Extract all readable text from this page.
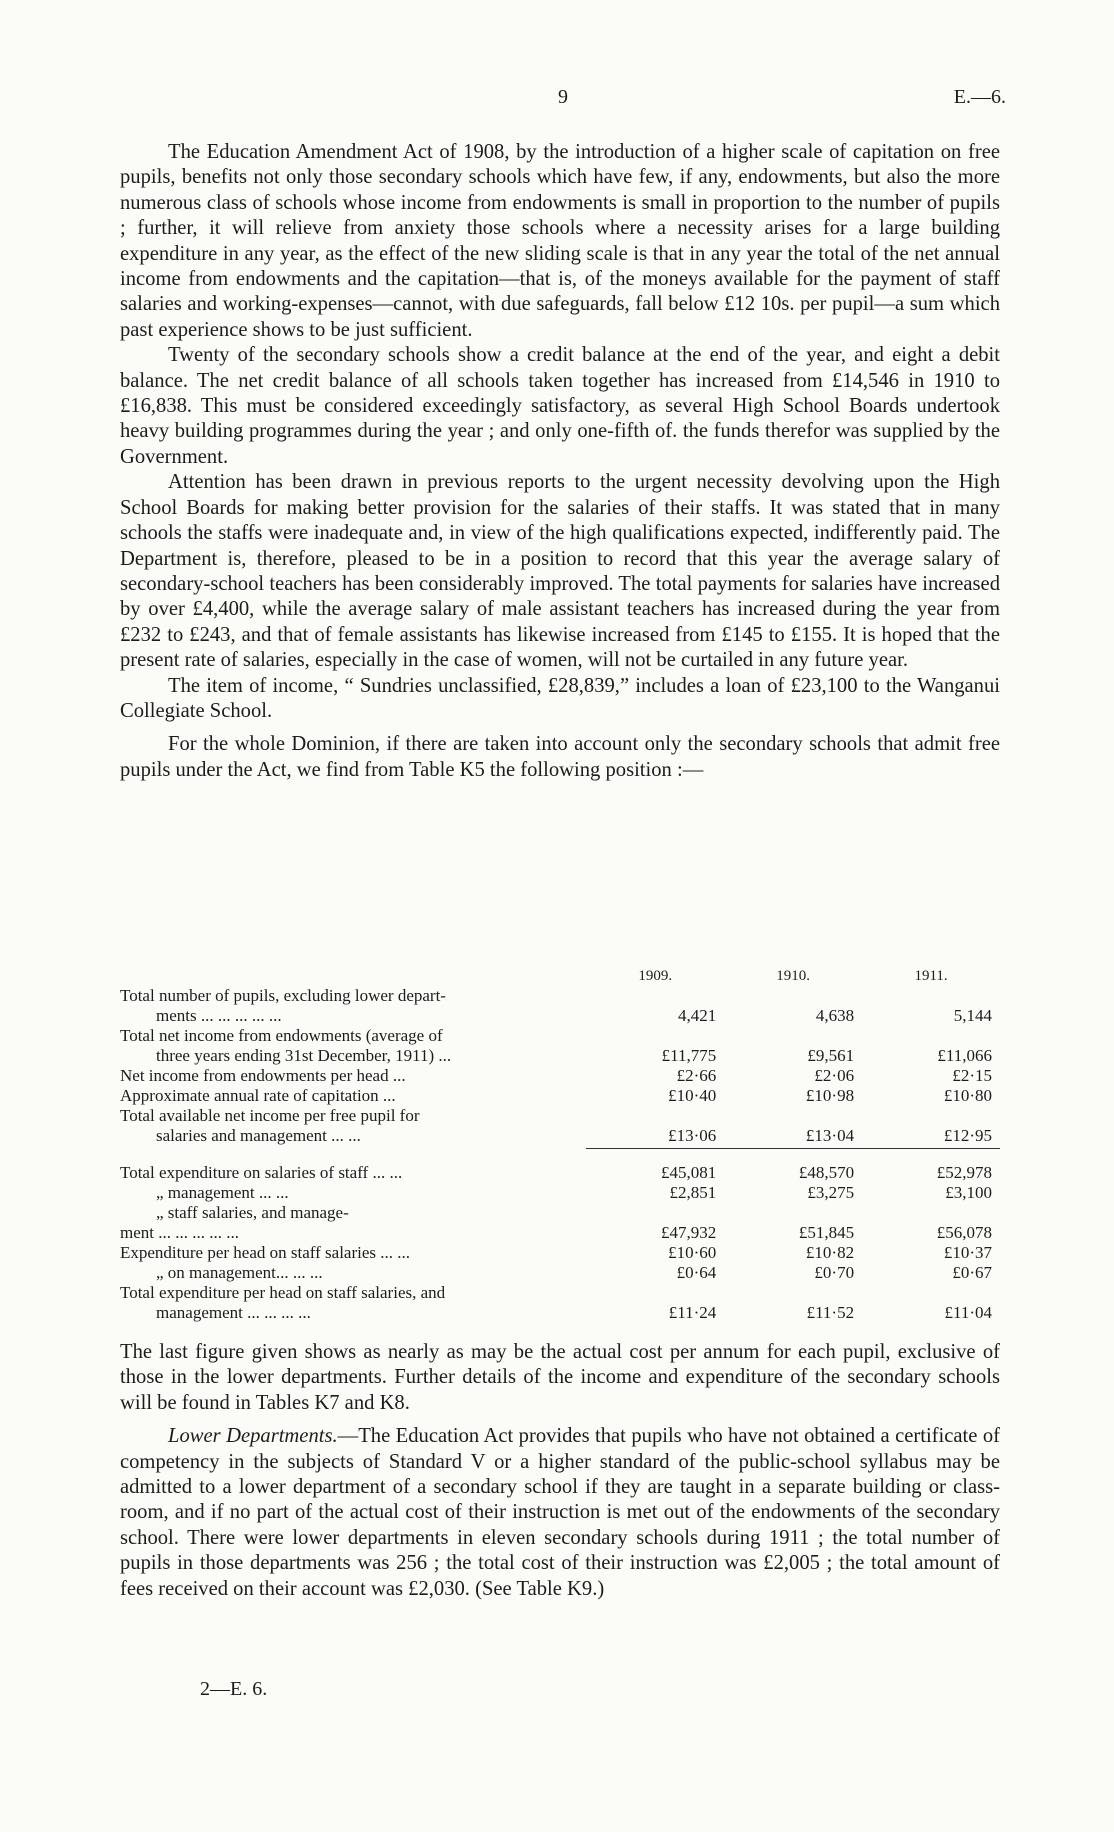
9	E.—6.

The Education Amendment Act of 1908, by the introduction of a higher scale of capitation on free pupils, benefits not only those secondary schools which have few, if any, endowments, but also the more numerous class of schools whose income from endowments is small in proportion to the number of pupils ; further, it will relieve from anxiety those schools where a necessity arises for a large building expenditure in any year, as the effect of the new sliding scale is that in any year the total of the net annual income from endowments and the capitation—that is, of the moneys available for the payment of staff salaries and working-expenses—cannot, with due safeguards, fall below £12 10s. per pupil—a sum which past experience shows to be just sufficient.

Twenty of the secondary schools show a credit balance at the end of the year, and eight a debit balance. The net credit balance of all schools taken together has increased from £14,546 in 1910 to £16,838. This must be considered exceedingly satisfactory, as several High School Boards undertook heavy building programmes during the year ; and only one-fifth of. the funds therefor was supplied by the Government.

Attention has been drawn in previous reports to the urgent necessity devolving upon the High School Boards for making better provision for the salaries of their staffs. It was stated that in many schools the staffs were inadequate and, in view of the high qualifications expected, indifferently paid. The Department is, therefore, pleased to be in a position to record that this year the average salary of secondary-school teachers has been considerably improved. The total payments for salaries have increased by over £4,400, while the average salary of male assistant teachers has increased during the year from £232 to £243, and that of female assistants has likewise increased from £145 to £155. It is hoped that the present rate of salaries, especially in the case of women, will not be curtailed in any future year.

The item of income, “ Sundries unclassified, £28,839,” includes a loan of £23,100 to the Wanganui Collegiate School.

For the whole Dominion, if there are taken into account only the secondary schools that admit free pupils under the Act, we find from Table K5 the following position :—

	1909.	1910.	1911.
Total number of pupils, excluding lower depart-			
ments ... ... ... ... ...	4,421	4,638	5,144
Total net income from endowments (average of			
three years ending 31st December, 1911) ...	£11,775	£9,561	£11,066
Net income from endowments per head ...	£2·66	£2·06	£2·15
Approximate annual rate of capitation ...	£10·40	£10·98	£10·80
Total available net income per free pupil for			
salaries and management ... ...	£13·06	£13·04	£12·95

Total expenditure on salaries of staff ... ...	£45,081	£48,570	£52,978
„ management ... ...	£2,851	£3,275	£3,100
„ staff salaries, and manage-			
ment ... ... ... ... ...	£47,932	£51,845	£56,078
Expenditure per head on staff salaries ... ...	£10·60	£10·82	£10·37
„ on management... ... ...	£0·64	£0·70	£0·67
Total expenditure per head on staff salaries, and			
management ... ... ... ...	£11·24	£11·52	£11·04

The last figure given shows as nearly as may be the actual cost per annum for each pupil, exclusive of those in the lower departments. Further details of the income and expenditure of the secondary schools will be found in Tables K7 and K8.

Lower Departments.—The Education Act provides that pupils who have not obtained a certificate of competency in the subjects of Standard V or a higher standard of the public-school syllabus may be admitted to a lower department of a secondary school if they are taught in a separate building or class-room, and if no part of the actual cost of their instruction is met out of the endowments of the secondary school. There were lower departments in eleven secondary schools during 1911 ; the total number of pupils in those departments was 256 ; the total cost of their instruction was £2,005 ; the total amount of fees received on their account was £2,030. (See Table K9.)

2—E. 6.
